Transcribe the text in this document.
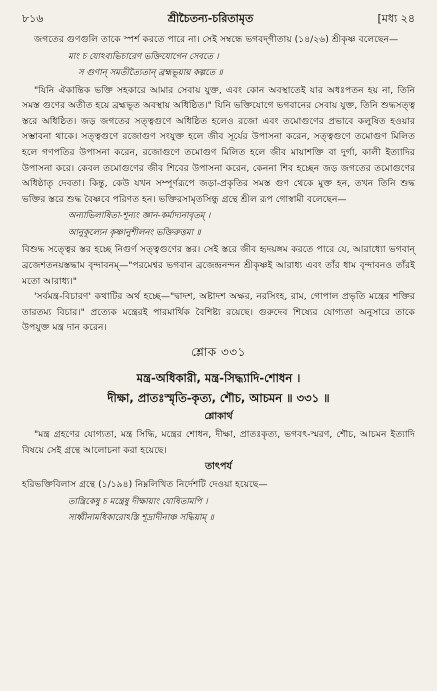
৮১৬	শ্রীচৈতন্য-চরিতামৃত	[মধ্য ২৪

জগতের গুণগুলি তাকে স্পর্শ করতে পারে না। সেই সম্বন্ধে ভগবদ্‌গীতায় (১৪/২৬) শ্রীকৃষ্ণ বলেছেন—

মাং চ যোঽব্যভিচারেণ ভক্তিযোগেন সেবতে ।
স গুণান্‌ সমতীত্যৈতান্‌ ব্রহ্মভূয়ায় কল্পতে ॥

"যিনি ঐকান্তিক ভক্তি সহকারে আমার সেবায় যুক্ত, এবং কোন অবস্থাতেই যার অধঃপতন হয় না, তিনি সমস্ত গুণের অতীত হয়ে ব্রহ্মভূত অবস্থায় অধিষ্ঠিত।" যিনি ভক্তিযোগে ভগবানের সেবায় যুক্ত, তিনি শুদ্ধসত্ত্ব স্তরে অধিষ্ঠিত। জড় জগতের সত্ত্বগুণে অধিষ্ঠিত হলেও রজো এবং তমোগুণের প্রভাবে কলুষিত হওয়ার সম্ভাবনা থাকে। সত্ত্বগুণে রজোগুণ সংযুক্ত হলে জীব সূর্যের উপাসনা করেন, সত্ত্বগুণে তমোগুণ মিলিত হলে গণপতির উপাসনা করেন, রজোগুণে তমোগুণ মিলিত হলে জীব মায়াশক্তি বা দুর্গা, কালী ইত্যাদির উপাসনা করে। কেবল তমোগুণের জীব শিবের উপাসনা করেন, কেননা শিব হচ্ছেন জড় জগতের তমোগুণের অধিষ্ঠাতৃ দেবতা। কিন্তু, কেউ যখন সম্পূর্ণরূপে জড়া-প্রকৃতির সমস্ত গুণ থেকে মুক্ত হন, তখন তিনি শুদ্ধ ভক্তির স্তরে শুদ্ধ বৈষ্ণবে পরিণত হন। ভক্তিরসামৃতসিন্ধু গ্রন্থে শ্রীল রূপ গোস্বামী বলেছেন—

অন্যাভিলাষিতা-শূন্যং জ্ঞান-কর্মাদ্যনাবৃতম্‌ ।
আনুকূল্যেন কৃষ্ণানুশীলনং ভক্তিরুত্তমা ॥

বিশুদ্ধ সত্ত্বের স্তর হচ্ছে নিগুর্ণ সত্ত্বগুণের স্তর। সেই স্তরে জীব হৃদয়ঙ্গম করতে পারে যে, আরাধ্যো ভগবান্‌ ব্রজেশতনয়স্তদ্ধাম বৃন্দাবনম্‌—"পরমেশ্বর ভগবান ব্রজেন্দ্রনন্দন শ্রীকৃষ্ণই আরাধ্য এবং তাঁর ধাম বৃন্দাবনও তাঁরই মতো আরাধ্য।"

'সর্বমন্ত্র-বিচারণ' কথাটির অর্থ হচ্ছে—"দ্বাদশ, অষ্টাদশ অক্ষর, নরসিংহ, রাম, গোপাল প্রভৃতি মন্ত্রের শক্তির তারতম্য বিচার।" প্রত্যেক মন্ত্রেরই পারমার্থিক বৈশিষ্ট্য রয়েছে। গুরুদেব শিষ্যের যোগ্যতা অনুসারে তাকে উপযুক্ত মন্ত্র দান করেন।

শ্লোক ৩৩১
মন্ত্র-অধিকারী, মন্ত্র-সিদ্ধ্যাদি-শোধন ।
দীক্ষা, প্রাতঃস্মৃতি-কৃত্য, শৌচ, আচমন ॥ ৩৩১ ॥
শ্লোকার্থ

"মন্ত্র গ্রহণের যোগ্যতা, মন্ত্র সিদ্ধি, মন্ত্রের শোধন, দীক্ষা, প্রাতঃকৃত্য, ভগবৎ-স্মরণ, শৌচ, আচমন ইত্যাদি বিষয়ে সেই গ্রন্থে আলোচনা করা হয়েছে।

তাৎপর্য

হরিভক্তিবিলাস গ্রন্থে (১/১৯৪) নিম্নলিখিত নির্দেশটি দেওয়া হয়েছে—

তান্ত্রিকেষু চ মন্ত্রেষু দীক্ষায়াং যোষিতামপি ।
সাধ্বীনামধিকারোঽস্তি শূদ্রাদীনাঞ্চ সদ্ধিয়াম্‌ ॥
